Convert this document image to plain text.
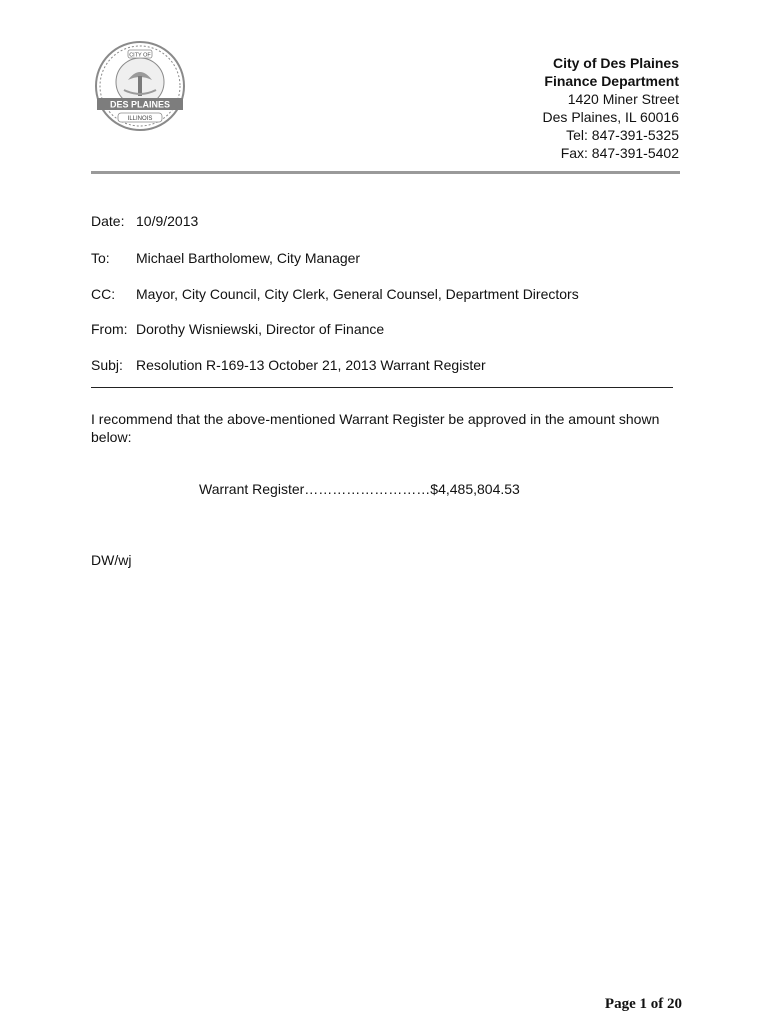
CITY OF
DES PLAINES
ILLINOIS
City of Des Plaines
Finance Department
1420 Miner Street
Des Plaines, IL 60016
Tel: 847-391-5325
Fax: 847-391-5402
Date: 10/9/2013
To: Michael Bartholomew, City Manager
CC: Mayor, City Council, City Clerk, General Counsel, Department Directors
From: Dorothy Wisniewski, Director of Finance
Subj: Resolution R-169-13 October 21, 2013 Warrant Register
I recommend that the above-mentioned Warrant Register be approved in the amount shown below:
Warrant Register………………………$4,485,804.53
DW/wj
Page 1 of 20
